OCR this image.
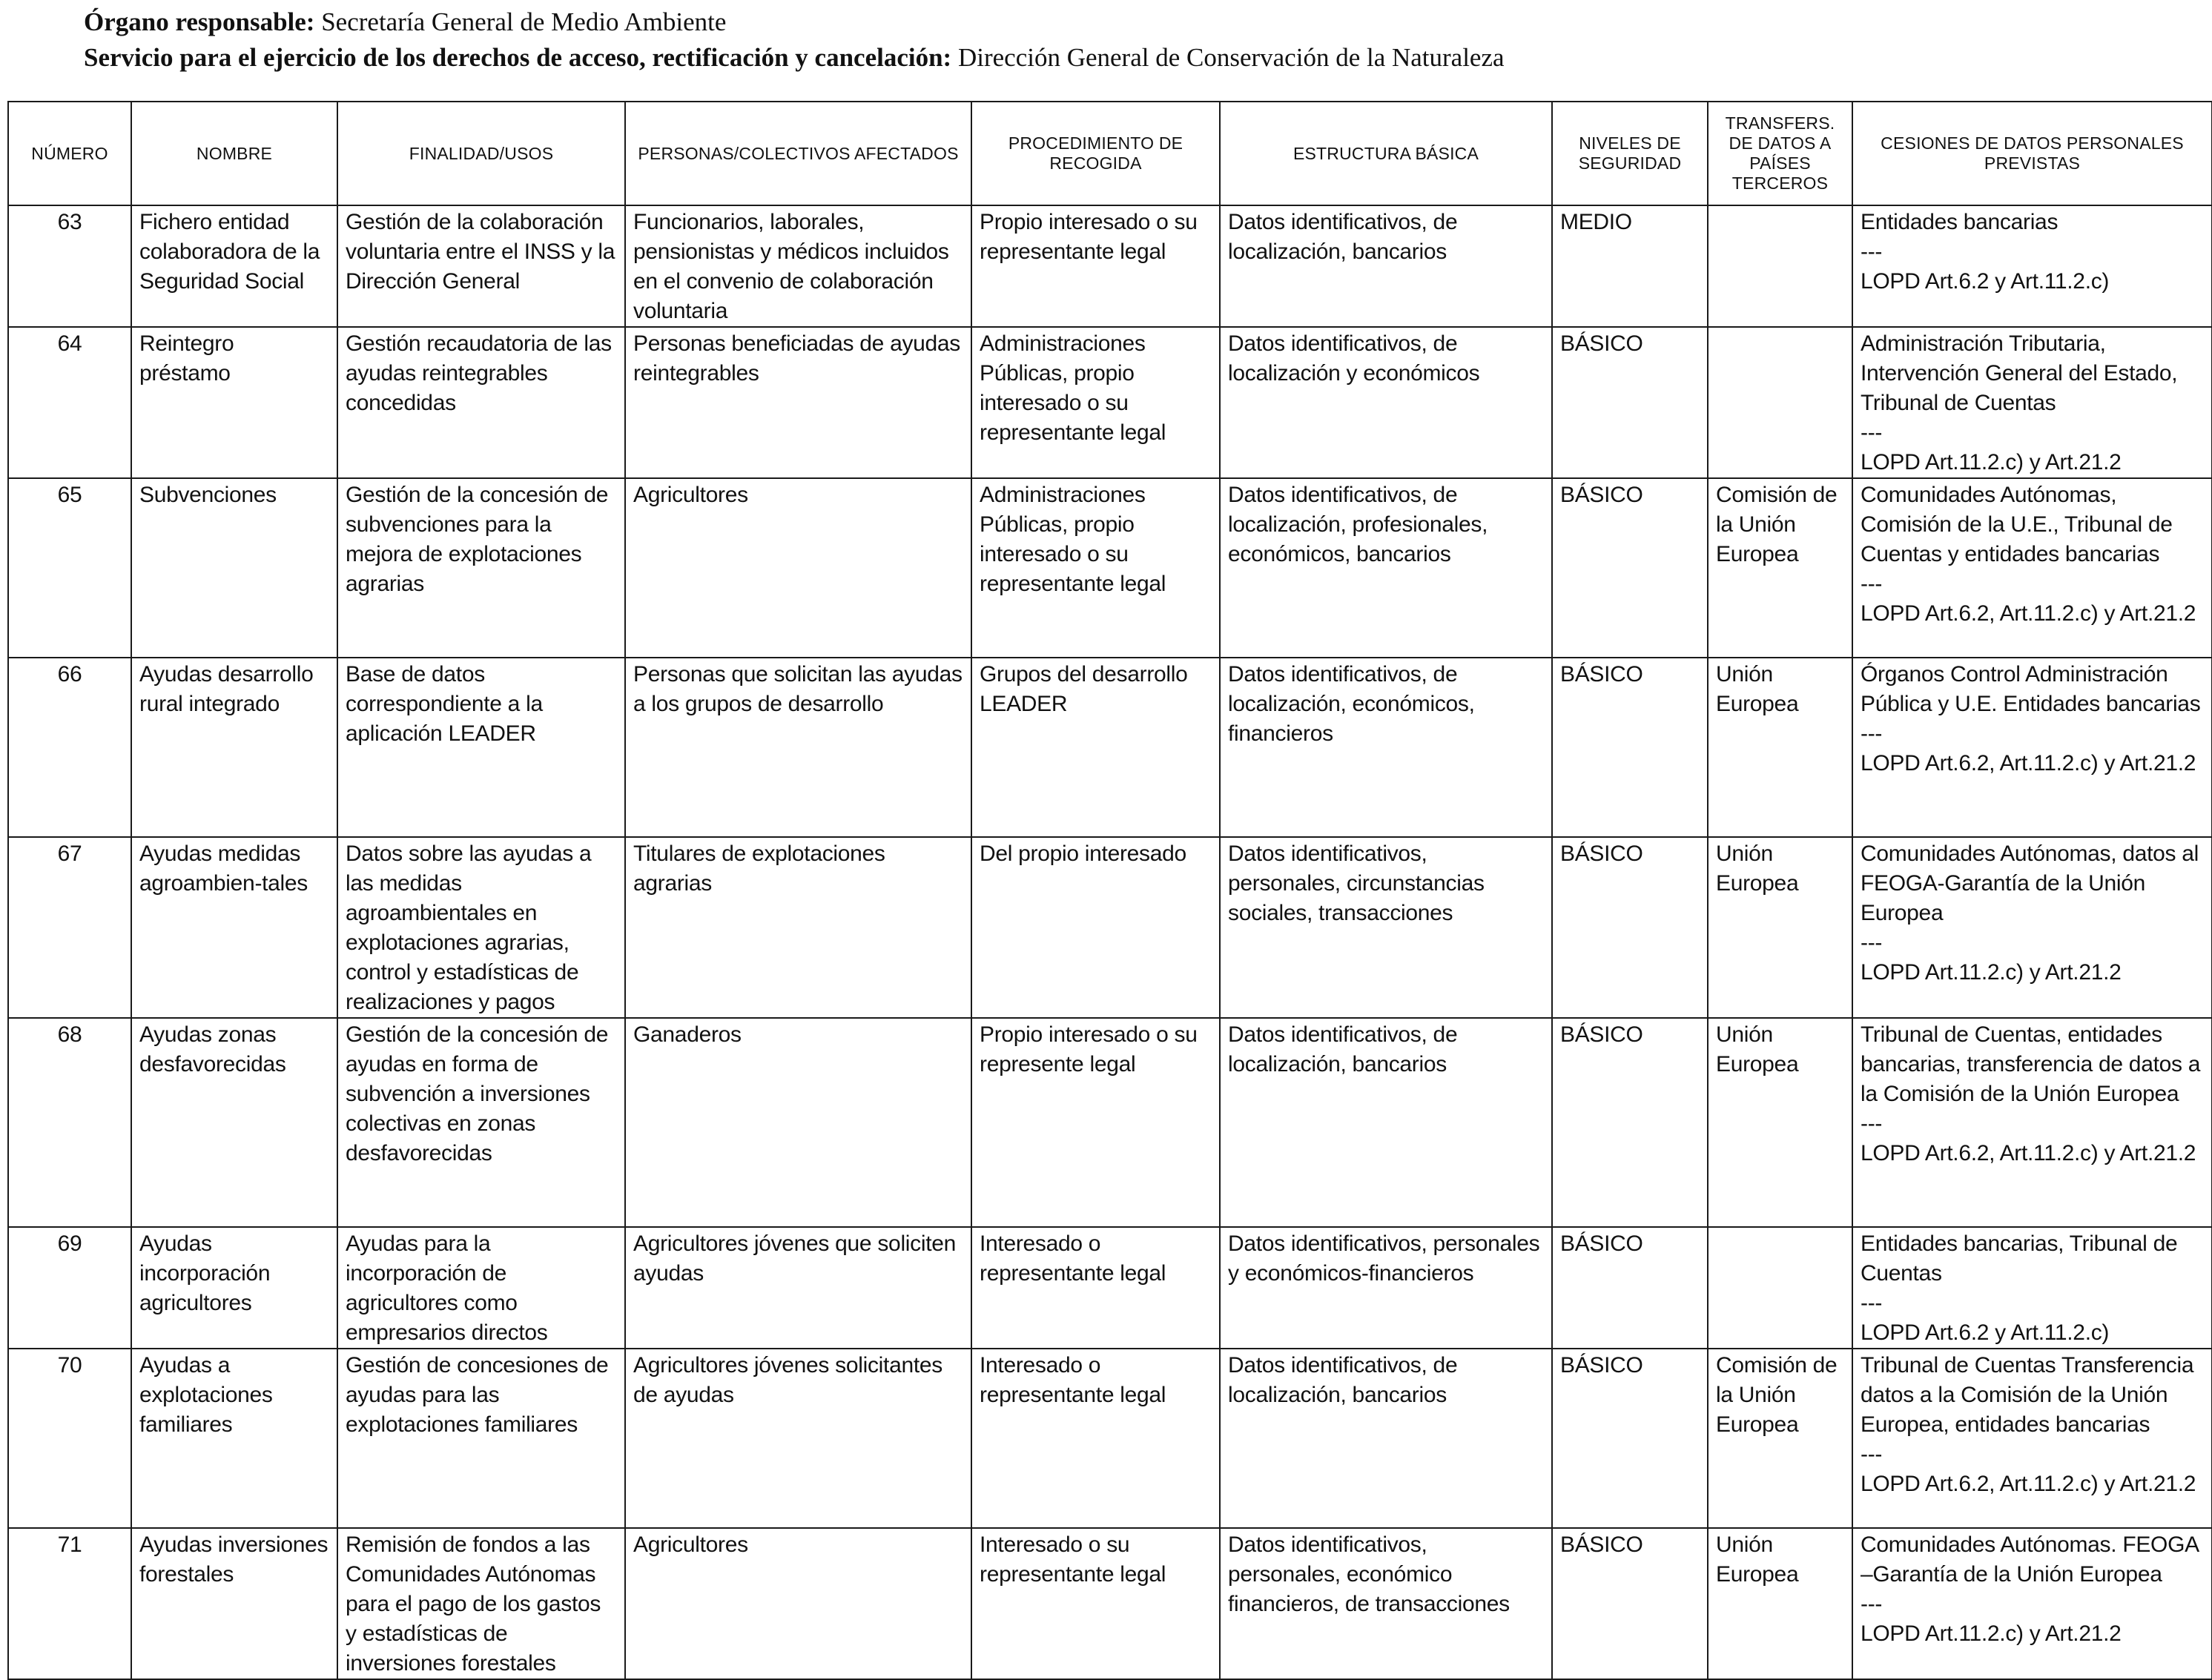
Órgano responsable: Secretaría General de Medio Ambiente
Servicio para el ejercicio de los derechos de acceso, rectificación y cancelación: Dirección General de Conservación de la Naturaleza
NÚMERO	NOMBRE	FINALIDAD/USOS	PERSONAS/COLECTIVOS AFECTADOS	PROCEDIMIENTO DE RECOGIDA	ESTRUCTURA BÁSICA	NIVELES DE SEGURIDAD	TRANSFERS. DE DATOS A PAÍSES TERCEROS	CESIONES DE DATOS PERSONALES PREVISTAS
63	Fichero entidad colaboradora de la Seguridad Social	Gestión de la colaboración voluntaria entre el INSS y la Dirección General	Funcionarios, laborales, pensionistas y médicos incluidos en el convenio de colaboración voluntaria	Propio interesado o su representante legal	Datos identificativos, de localización, bancarios	MEDIO		Entidades bancarias
---
LOPD Art.6.2 y Art.11.2.c)

64	Reintegro préstamo	Gestión recaudatoria de las ayudas reintegrables concedidas	Personas beneficiadas de ayudas reintegrables	Administraciones Públicas, propio interesado o su representante legal	Datos identificativos, de localización y económicos	BÁSICO		Administración Tributaria, Intervención General del Estado, Tribunal de Cuentas
---
LOPD Art.11.2.c) y Art.21.2

65	Subvenciones	Gestión de la concesión de subvenciones para la mejora de explotaciones agrarias	Agricultores	Administraciones Públicas, propio interesado o su representante legal	Datos identificativos, de localización, profesionales, económicos, bancarios	BÁSICO	Comisión de la Unión Europea	Comunidades Autónomas, Comisión de la U.E., Tribunal de Cuentas y entidades bancarias
---
LOPD Art.6.2, Art.11.2.c) y Art.21.2

66	Ayudas desarrollo rural integrado	Base de datos correspondiente a la aplicación LEADER	Personas que solicitan las ayudas a los grupos de desarrollo	Grupos del desarrollo LEADER	Datos identificativos, de localización, económicos, financieros	BÁSICO	Unión Europea	Órganos Control Administración Pública y U.E. Entidades bancarias
---
LOPD Art.6.2, Art.11.2.c) y Art.21.2

67	Ayudas medidas agroambien-tales	Datos sobre las ayudas a las medidas agroambientales en explotaciones agrarias, control y estadísticas de realizaciones y pagos	Titulares de explotaciones agrarias	Del propio interesado	Datos identificativos, personales, circunstancias sociales, transacciones	BÁSICO	Unión Europea	Comunidades Autónomas, datos al FEOGA-Garantía de la Unión Europea
---
LOPD Art.11.2.c) y Art.21.2

68	Ayudas zonas desfavorecidas	Gestión de la concesión de ayudas en forma de subvención a inversiones colectivas en zonas desfavorecidas	Ganaderos	Propio interesado o su represente legal	Datos identificativos, de localización, bancarios	BÁSICO	Unión Europea	Tribunal de Cuentas, entidades bancarias, transferencia de datos a la Comisión de la Unión Europea
---
LOPD Art.6.2, Art.11.2.c) y Art.21.2

69	Ayudas incorporación agricultores	Ayudas para la incorporación de agricultores como empresarios directos	Agricultores jóvenes que soliciten ayudas	Interesado o representante legal	Datos identificativos, personales y económicos-financieros	BÁSICO		Entidades bancarias, Tribunal de Cuentas
---
LOPD Art.6.2 y Art.11.2.c)

70	Ayudas a explotaciones familiares	Gestión de concesiones de ayudas para las explotaciones familiares	Agricultores jóvenes solicitantes de ayudas	Interesado o representante legal	Datos identificativos, de localización, bancarios	BÁSICO	Comisión de la Unión Europea	Tribunal de Cuentas Transferencia datos a la Comisión de la Unión Europea, entidades bancarias
---
LOPD Art.6.2, Art.11.2.c) y Art.21.2

71	Ayudas inversiones forestales	Remisión de fondos a las Comunidades Autónomas para el pago de los gastos y estadísticas de inversiones forestales	Agricultores	Interesado o su representante legal	Datos identificativos, personales, económico financieros, de transacciones	BÁSICO	Unión Europea	Comunidades Autónomas. FEOGA –Garantía de la Unión Europea
---
LOPD Art.11.2.c) y Art.21.2
